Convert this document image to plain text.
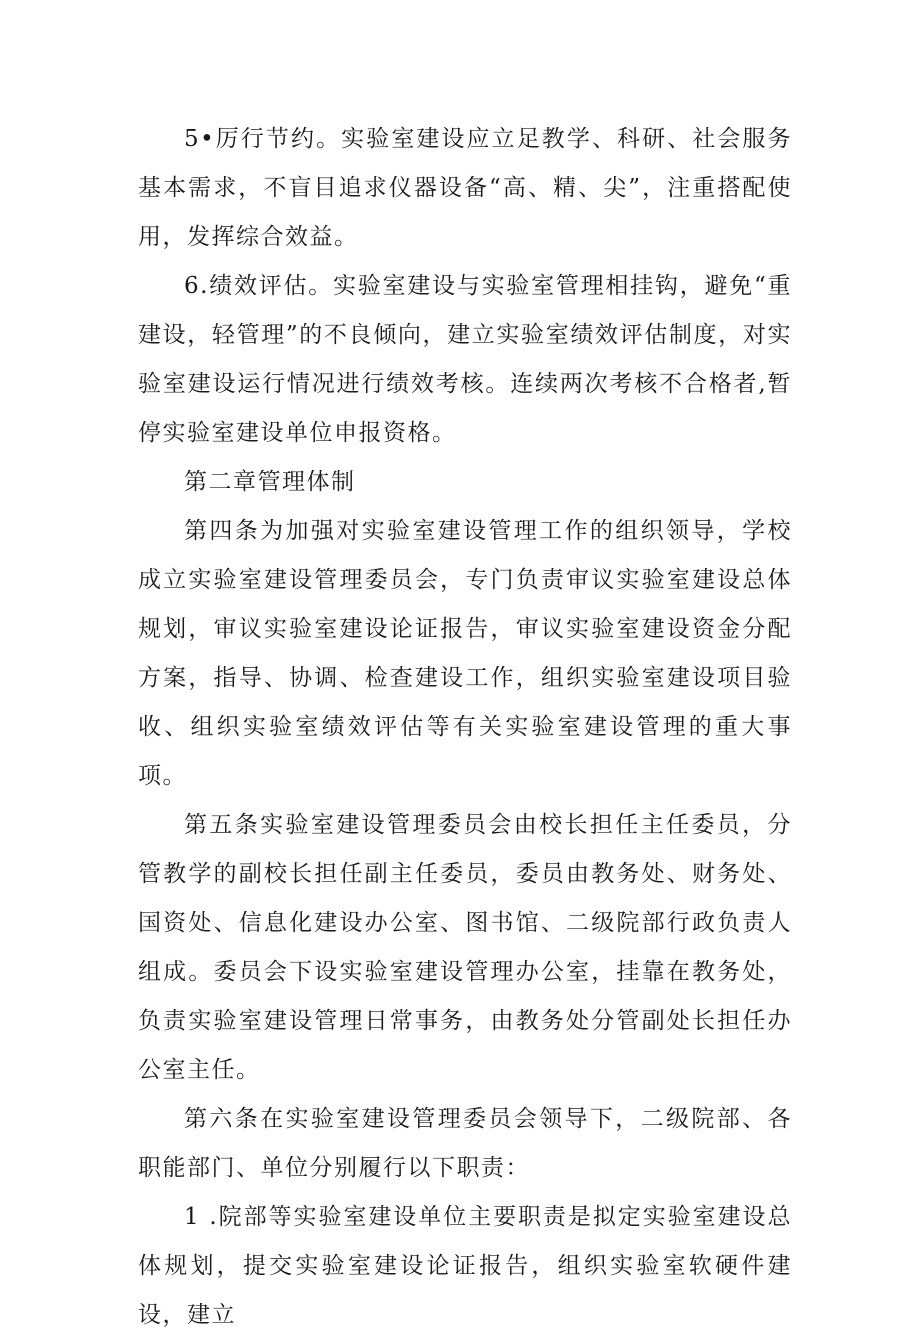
5•厉行节约。实验室建设应立足教学、科研、社会服务基本需求，不盲目追求仪器设备“高、精、尖”，注重搭配使用，发挥综合效益。

6.绩效评估。实验室建设与实验室管理相挂钩，避免“重建设，轻管理”的不良倾向，建立实验室绩效评估制度，对实验室建设运行情况进行绩效考核。连续两次考核不合格者,暂停实验室建设单位申报资格。

第二章管理体制

第四条为加强对实验室建设管理工作的组织领导，学校成立实验室建设管理委员会，专门负责审议实验室建设总体规划，审议实验室建设论证报告，审议实验室建设资金分配方案，指导、协调、检查建设工作，组织实验室建设项目验收、组织实验室绩效评估等有关实验室建设管理的重大事项。

第五条实验室建设管理委员会由校长担任主任委员，分管教学的副校长担任副主任委员，委员由教务处、财务处、国资处、信息化建设办公室、图书馆、二级院部行政负责人组成。委员会下设实验室建设管理办公室，挂靠在教务处，负责实验室建设管理日常事务，由教务处分管副处长担任办公室主任。

第六条在实验室建设管理委员会领导下，二级院部、各职能部门、单位分别履行以下职责：

1 .院部等实验室建设单位主要职责是拟定实验室建设总体规划，提交实验室建设论证报告，组织实验室软硬件建设，建立
